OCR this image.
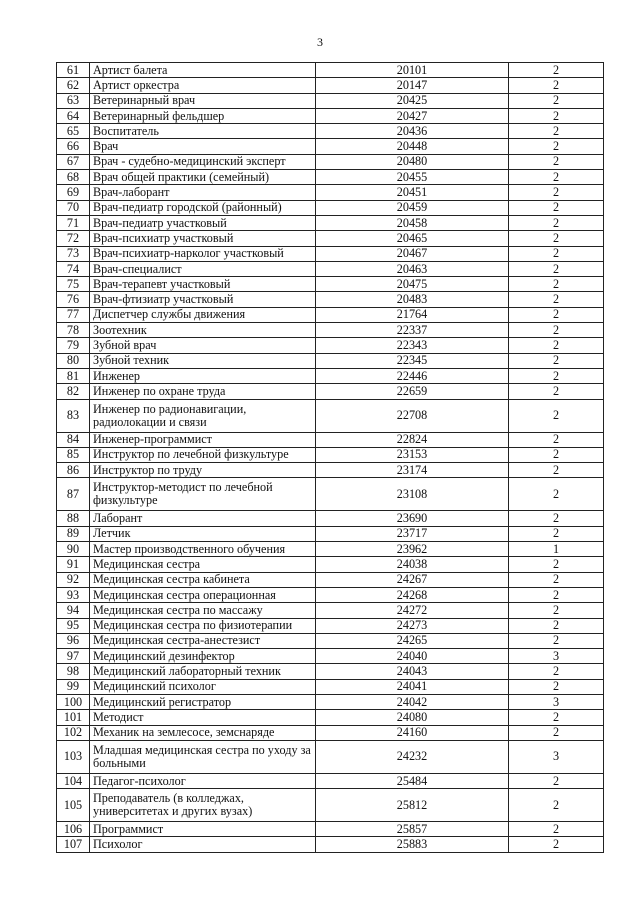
3
61	Артист балета	20101	2
62	Артист оркестра	20147	2
63	Ветеринарный врач	20425	2
64	Ветеринарный фельдшер	20427	2
65	Воспитатель	20436	2
66	Врач	20448	2
67	Врач - судебно-медицинский эксперт	20480	2
68	Врач общей практики (семейный)	20455	2
69	Врач-лаборант	20451	2
70	Врач-педиатр городской (районный)	20459	2
71	Врач-педиатр участковый	20458	2
72	Врач-психиатр участковый	20465	2
73	Врач-психиатр-нарколог участковый	20467	2
74	Врач-специалист	20463	2
75	Врач-терапевт участковый	20475	2
76	Врач-фтизиатр участковый	20483	2
77	Диспетчер службы движения	21764	2
78	Зоотехник	22337	2
79	Зубной врач	22343	2
80	Зубной техник	22345	2
81	Инженер	22446	2
82	Инженер по охране труда	22659	2
83	Инженер по радионавигации, радиолокации и связи	22708	2
84	Инженер-программист	22824	2
85	Инструктор по лечебной физкультуре	23153	2
86	Инструктор по труду	23174	2
87	Инструктор-методист по лечебной физкультуре	23108	2
88	Лаборант	23690	2
89	Летчик	23717	2
90	Мастер производственного обучения	23962	1
91	Медицинская сестра	24038	2
92	Медицинская сестра кабинета	24267	2
93	Медицинская сестра операционная	24268	2
94	Медицинская сестра по массажу	24272	2
95	Медицинская сестра по физиотерапии	24273	2
96	Медицинская сестра-анестезист	24265	2
97	Медицинский дезинфектор	24040	3
98	Медицинский лабораторный техник	24043	2
99	Медицинский психолог	24041	2
100	Медицинский регистратор	24042	3
101	Методист	24080	2
102	Механик на землесосе, земснаряде	24160	2
103	Младшая медицинская сестра по уходу за больными	24232	3
104	Педагог-психолог	25484	2
105	Преподаватель (в колледжах, университетах и других вузах)	25812	2
106	Программист	25857	2
107	Психолог	25883	2
